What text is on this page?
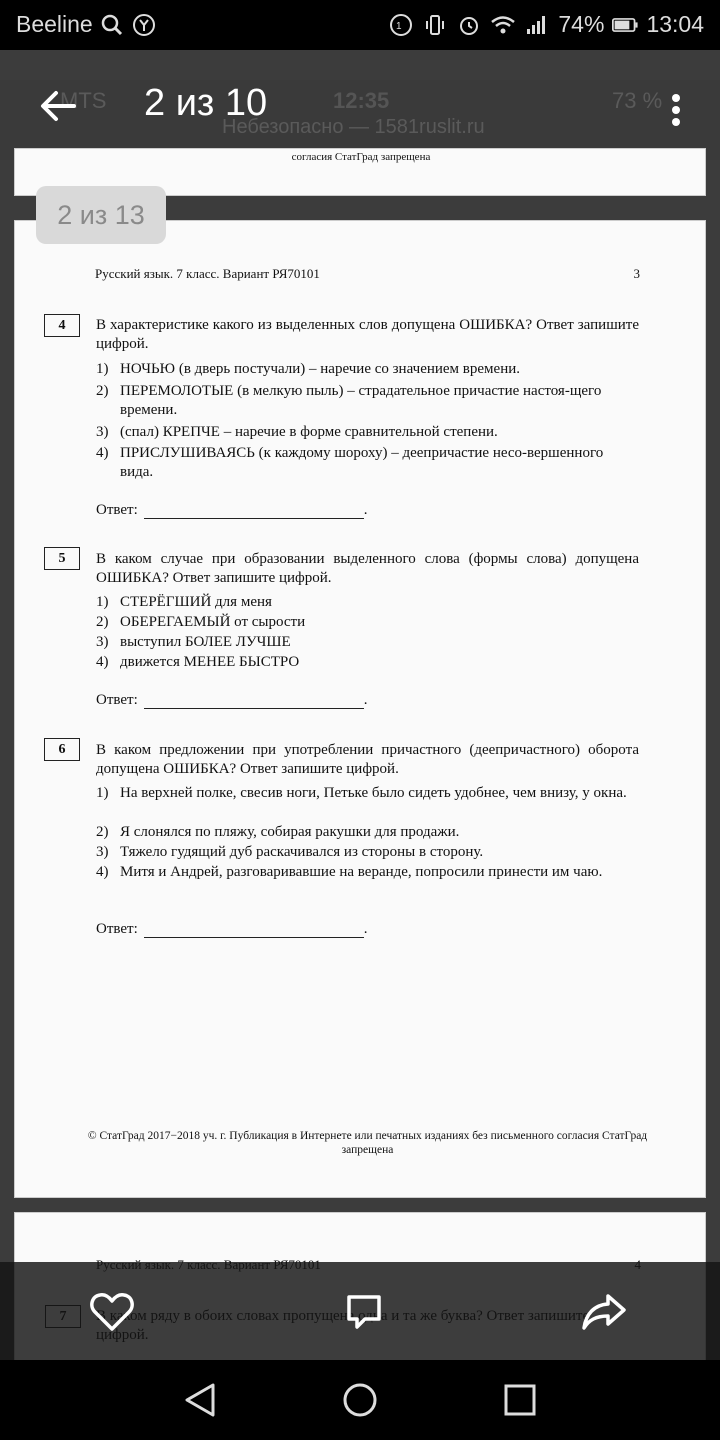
Beeline	1	74% 13:04
MTS	12:35	73 %
Небезопасно — 1581ruslit.ru
согласия СтатГрад запрещена
Русский язык. 7 класс. Вариант РЯ70101	3
4	В характеристике какого из выделенных слов допущена ОШИБКА? Ответ запишите цифрой.
1) НОЧЬЮ (в дверь постучали) – наречие со значением времени.
2) ПЕРЕМОЛОТЫЕ (в мелкую пыль) – страдательное причастие настоя-щего времени.
3) (спал) КРЕПЧЕ – наречие в форме сравнительной степени.
4) ПРИСЛУШИВАЯСЬ (к каждому шороху) – деепричастие несо-вершенного вида.
Ответ:	.
5	В каком случае при образовании выделенного слова (формы слова) допущена ОШИБКА? Ответ запишите цифрой.
1) СТЕРЁГШИЙ для меня
2) ОБЕРЕГАЕМЫЙ от сырости
3) выступил БОЛЕЕ ЛУЧШЕ
4) движется МЕНЕЕ БЫСТРО
Ответ:	.
6	В каком предложении при употреблении причастного (деепричастного) оборота допущена ОШИБКА? Ответ запишите цифрой.
1) На верхней полке, свесив ноги, Петьке было сидеть удобнее, чем внизу, у окна.
2) Я слонялся по пляжу, собирая ракушки для продажи.
3) Тяжело гудящий дуб раскачивался из стороны в сторону.
4) Митя и Андрей, разговаривавшие на веранде, попросили принести им чаю.
Ответ:	.
© СтатГрад 2017−2018 уч. г. Публикация в Интернете или печатных изданиях без письменного согласия СтатГрад запрещена
2 из 13
2 из 10
